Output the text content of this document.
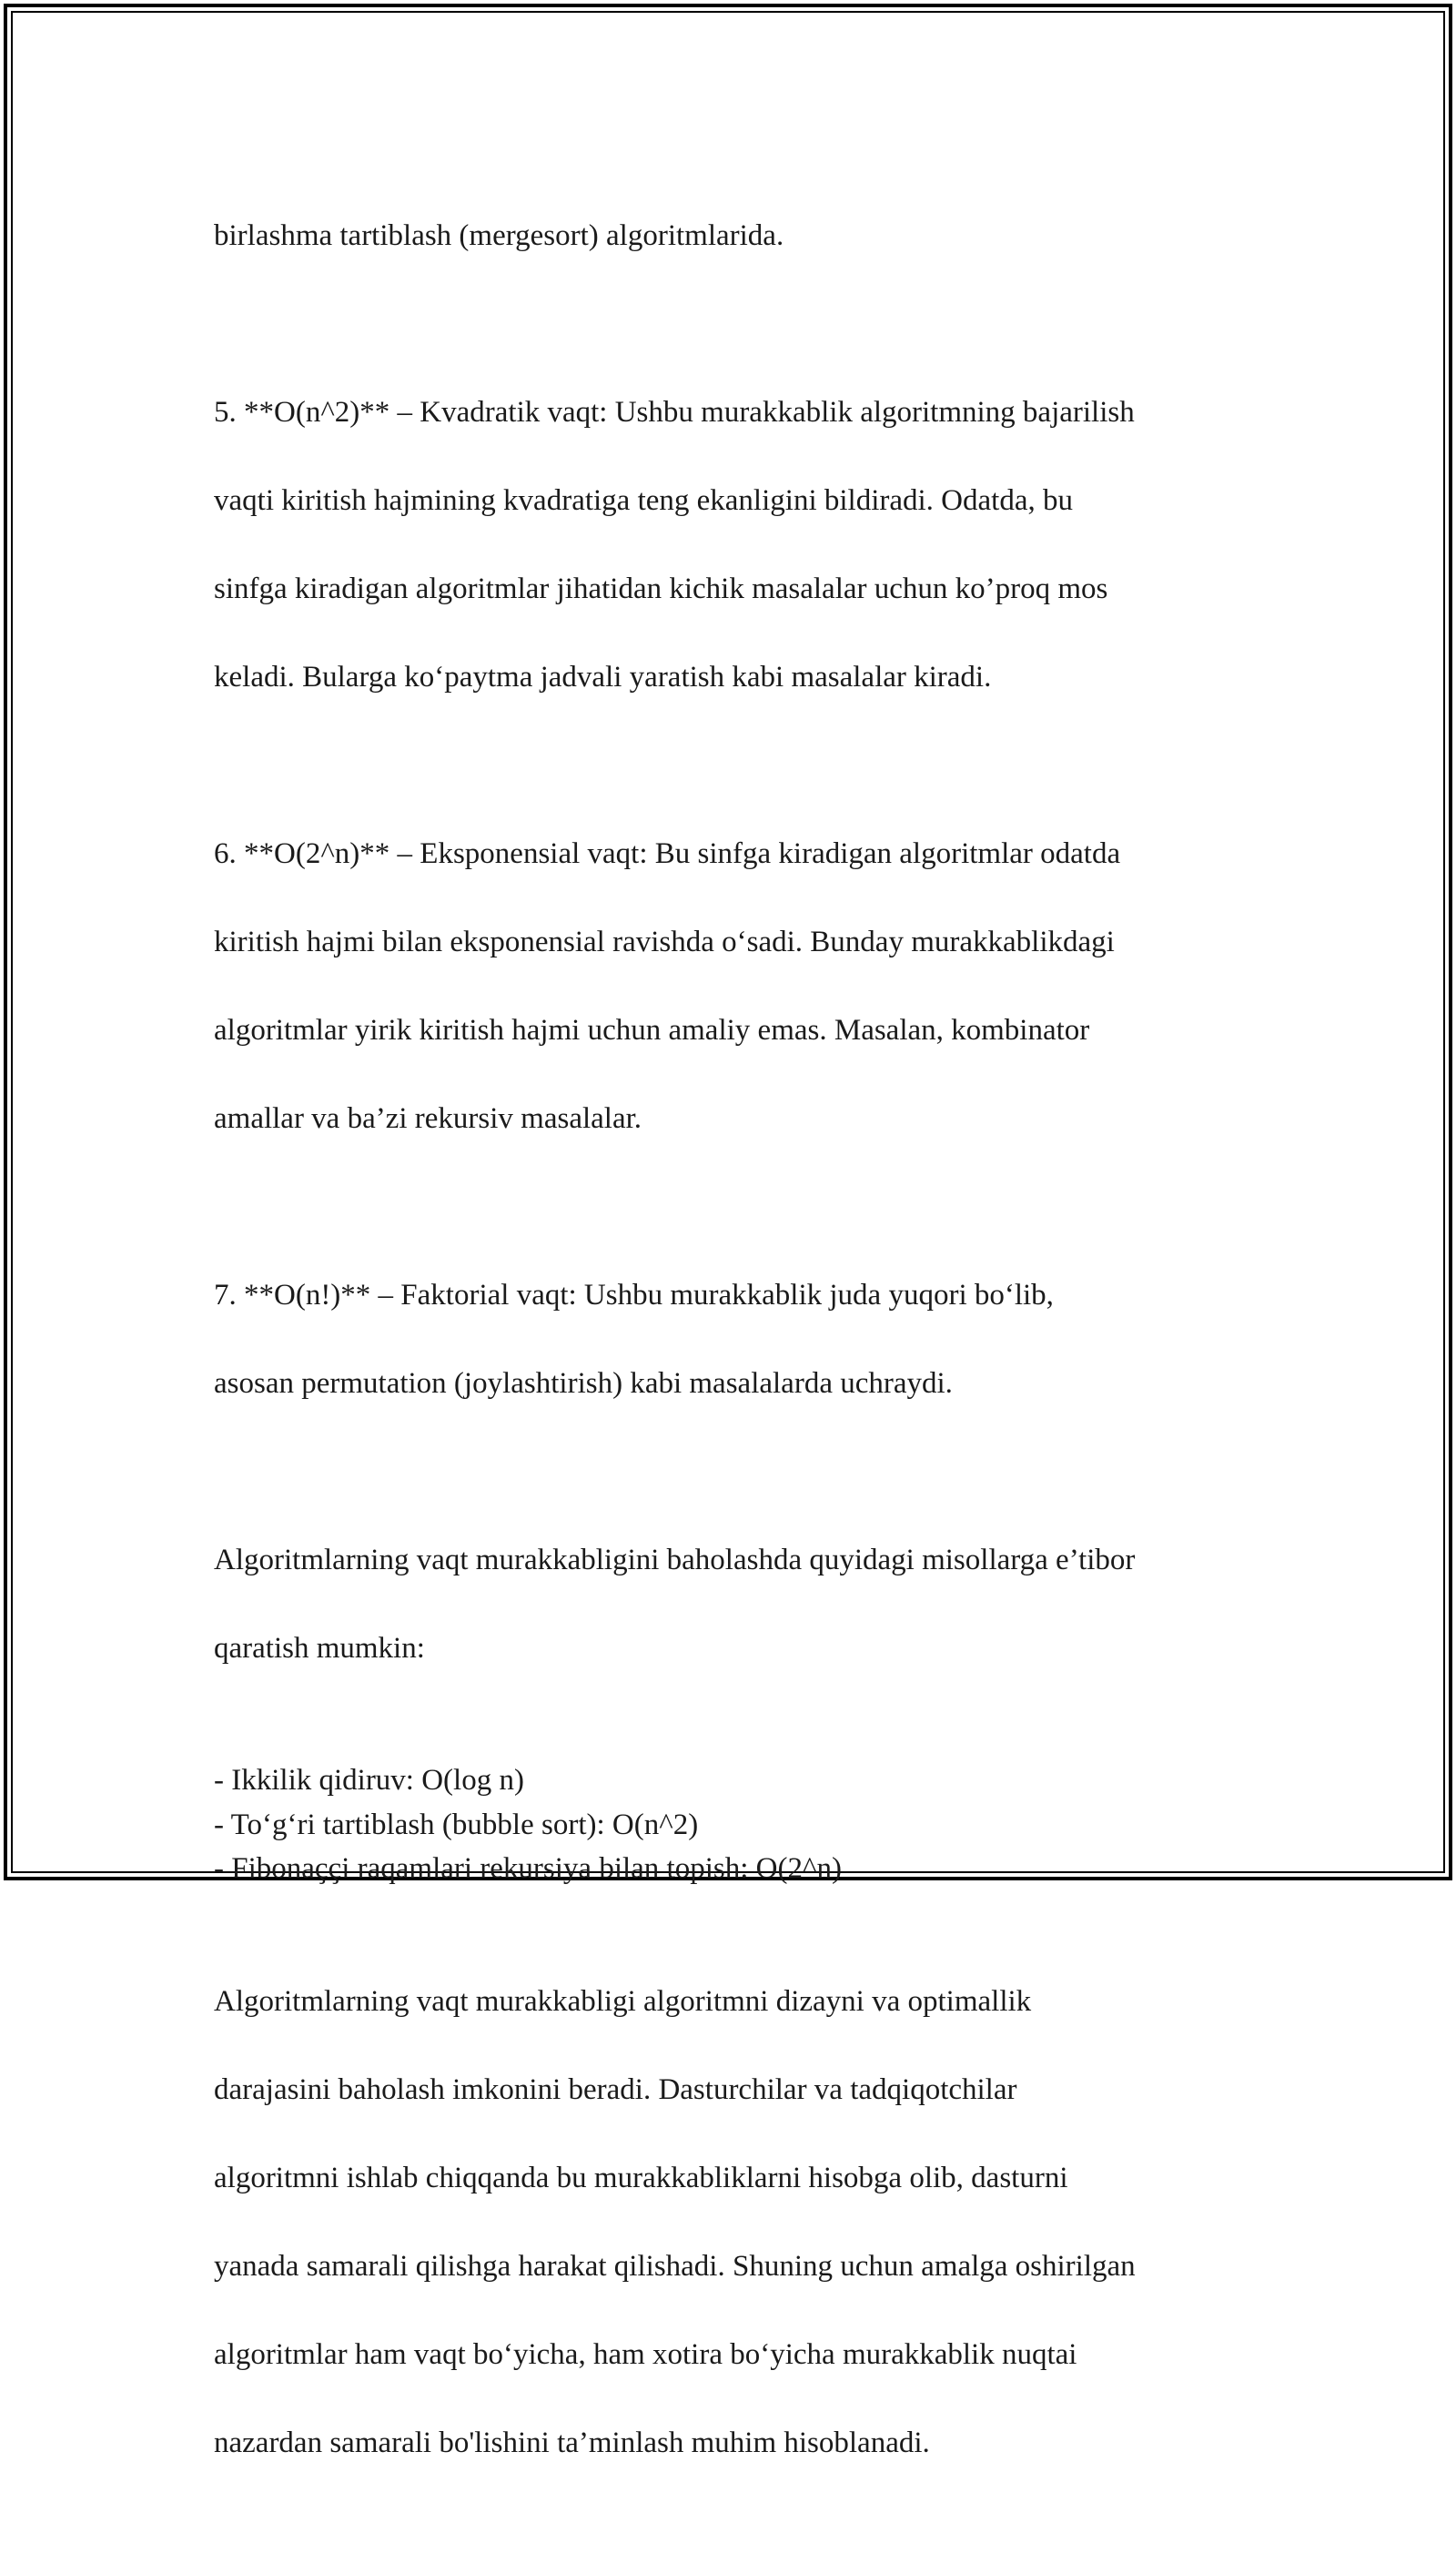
birlashma tartiblash (mergesort) algoritmlarida.

5. **O(n^2)** – Kvadratik vaqt: Ushbu murakkablik algoritmning bajarilish

vaqti kiritish hajmining kvadratiga teng ekanligini bildiradi. Odatda, bu

sinfga kiradigan algoritmlar jihatidan kichik masalalar uchun ko’proq mos

keladi. Bularga koʻpaytma jadvali yaratish kabi masalalar kiradi.

6. **O(2^n)** – Eksponensial vaqt: Bu sinfga kiradigan algoritmlar odatda

kiritish hajmi bilan eksponensial ravishda oʻsadi. Bunday murakkablikdagi

algoritmlar yirik kiritish hajmi uchun amaliy emas. Masalan, kombinator

amallar va ba’zi rekursiv masalalar.

7. **O(n!)** – Faktorial vaqt: Ushbu murakkablik juda yuqori boʻlib,

asosan permutation (joylashtirish) kabi masalalarda uchraydi.

Algoritmlarning vaqt murakkabligini baholashda quyidagi misollarga e’tibor

qaratish mumkin:

- Ikkilik qidiruv: O(log n)
- Toʻgʻri tartiblash (bubble sort): O(n^2)
- Fibonaççi raqamlari rekursiya bilan topish: O(2^n)

Algoritmlarning vaqt murakkabligi algoritmni dizayni va optimallik

darajasini baholash imkonini beradi. Dasturchilar va tadqiqotchilar

algoritmni ishlab chiqqanda bu murakkabliklarni hisobga olib, dasturni

yanada samarali qilishga harakat qilishadi. Shuning uchun amalga oshirilgan

algoritmlar ham vaqt boʻyicha, ham xotira boʻyicha murakkablik nuqtai

nazardan samarali bo'lishini ta’minlash muhim hisoblanadi.
